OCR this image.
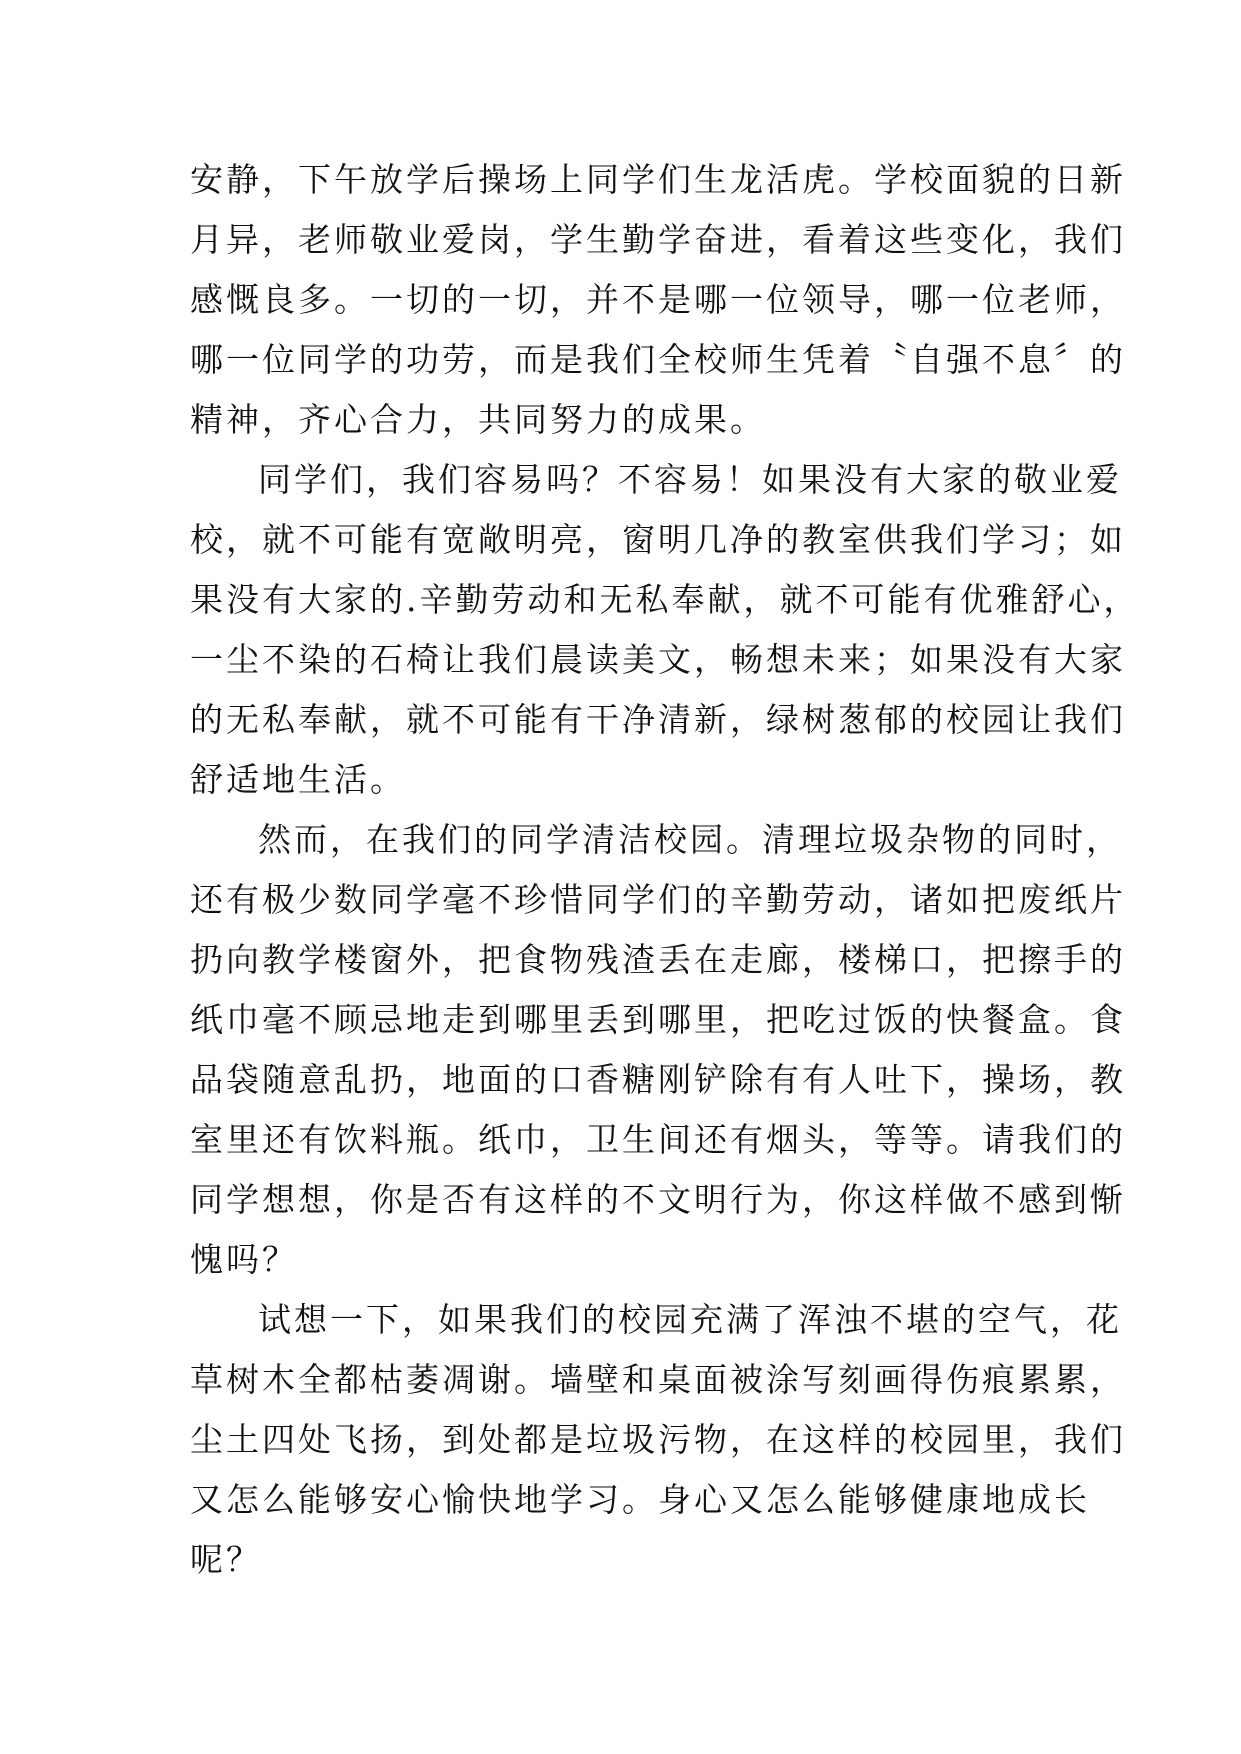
安静，下午放学后操场上同学们生龙活虎。学校面貌的日新
月异，老师敬业爱岗，学生勤学奋进，看着这些变化，我们
感慨良多。一切的一切，并不是哪一位领导，哪一位老师，
哪一位同学的功劳，而是我们全校师生凭着〝自强不息〞的
精神，齐心合力，共同努力的成果。
同学们，我们容易吗？不容易！如果没有大家的敬业爱
校，就不可能有宽敞明亮，窗明几净的教室供我们学习；如
果没有大家的.辛勤劳动和无私奉献，就不可能有优雅舒心，
一尘不染的石椅让我们晨读美文，畅想未来；如果没有大家
的无私奉献，就不可能有干净清新，绿树葱郁的校园让我们
舒适地生活。
然而，在我们的同学清洁校园。清理垃圾杂物的同时，
还有极少数同学毫不珍惜同学们的辛勤劳动，诸如把废纸片
扔向教学楼窗外，把食物残渣丢在走廊，楼梯口，把擦手的
纸巾毫不顾忌地走到哪里丢到哪里，把吃过饭的快餐盒。食
品袋随意乱扔，地面的口香糖刚铲除有有人吐下，操场，教
室里还有饮料瓶。纸巾，卫生间还有烟头，等等。请我们的
同学想想，你是否有这样的不文明行为，你这样做不感到惭
愧吗？
试想一下，如果我们的校园充满了浑浊不堪的空气，花
草树木全都枯萎凋谢。墙壁和桌面被涂写刻画得伤痕累累，
尘土四处飞扬，到处都是垃圾污物，在这样的校园里，我们
又怎么能够安心愉快地学习。身心又怎么能够健康地成长
呢？
